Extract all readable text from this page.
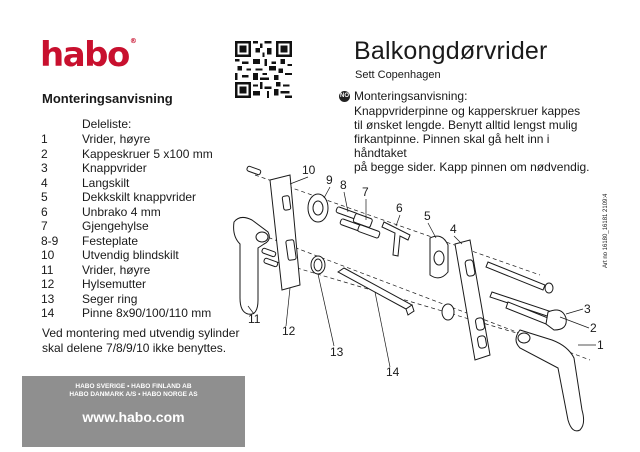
habo®
Monteringsanvisning
Deleliste:
1	Vrider, høyre
2	Kappeskruer 5 x100 mm
3	Knappvrider
4	Langskilt
5	Dekkskilt knappvrider
6	Unbrako 4 mm
7	Gjengehylse
8-9	Festeplate
10	Utvendig blindskilt
11	Vrider, høyre
12	Hylsemutter
13	Seger ring
14	Pinne 8x90/100/110 mm
Ved montering med utvendig sylinder
skal delene 7/8/9/10 ikke benyttes.
HABO SVERIGE • HABO FINLAND AB
HABO DANMARK A/S • HABO NORGE AS
www.habo.com
Balkongdørvrider
Sett Copenhagen
NO Monteringsanvisning:
Knappvriderpinne og kapperskruer kappes
til ønsket lengde. Benytt alltid lengst mulig
firkantpinne. Pinnen skal gå helt inn i håndtaket
på begge sider. Kapp pinnen om nødvendig.
Art no 16180_16181 2109:4
1
2
3
4
5
6
7
8
9
10
11
12
13
14
